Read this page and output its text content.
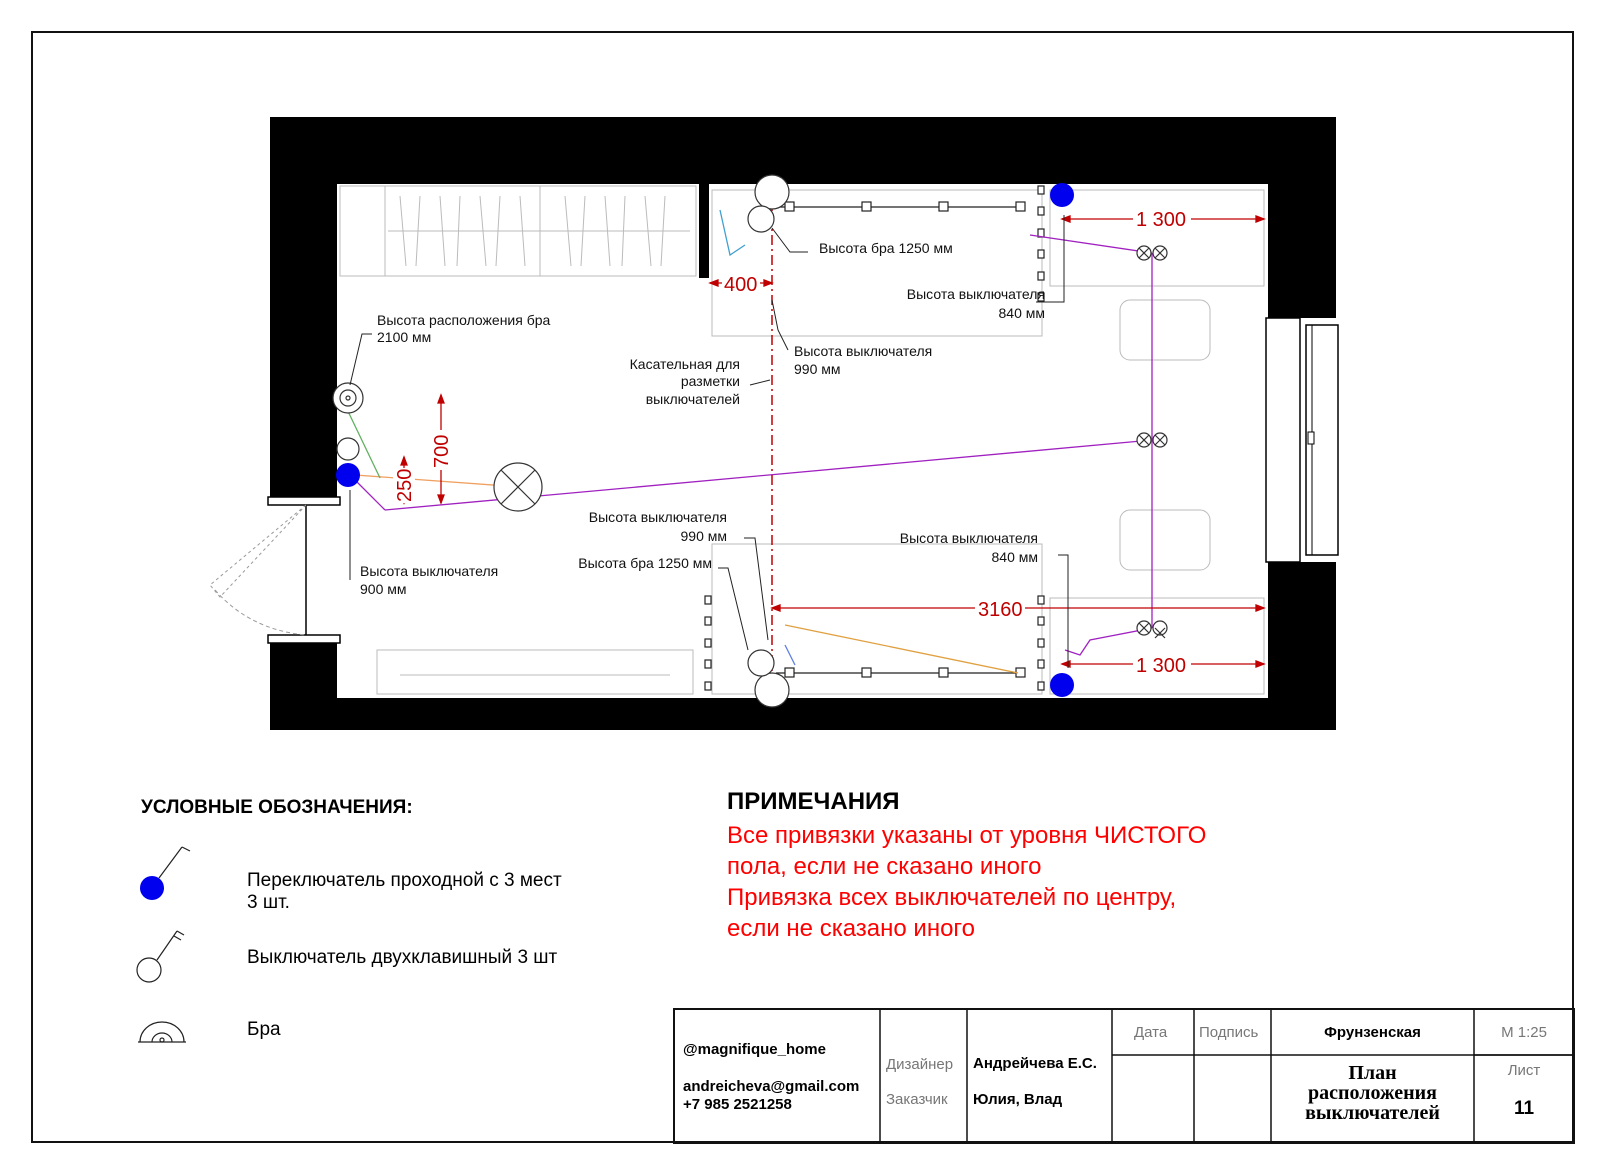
400
1 300
1 300
3160
700
250
Высота расположения бра
2100 мм
Касательная для
разметки
выключателей
Высота выключателя
900 мм
Высота бра 1250 мм
Высота выключателя
840 мм
Высота выключателя
990 мм
Высота выключателя
990 мм
Высота бра 1250 мм
Высота выключателя
840 мм
УСЛОВНЫЕ ОБОЗНАЧЕНИЯ:
Переключатель проходной с 3 мест
3 шт.
Выключатель двухклавишный 3 шт
Бра
ПРИМЕЧАНИЯ
Все привязки указаны от уровня ЧИСТОГО
пола, если не сказано иного
Привязка всех выключателей по центру,
если не сказано иного
@magnifique_home
andreicheva@gmail.com
+7 985 2521258
Дизайнер
Заказчик
Андрейчева Е.С.
Юлия, Влад
Дата Подпись	Фрунзенская
План
расположения
выключателей
М 1:25
Лист
11
